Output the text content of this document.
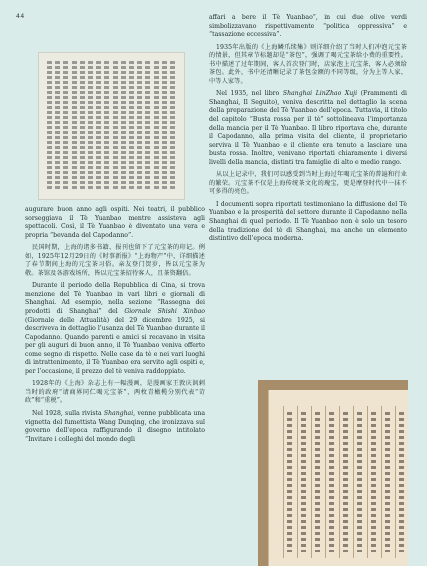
44

augurare buon anno agli ospiti. Nei teatri, il pubblico sorseggiava il Tè Yuanbao mentre assisteva agli spettacoli. Così, il Tè Yuanbao è diventato una vera e propria “bevanda del Capodanno”.

民国时期，上海的诸多书籍、报刊也留下了元宝茶的印记。例如，1925年12月29日的《时事新报》“上海物产”中，详细描述了春节期间上海的元宝茶习俗。亲友登门贺岁，皆以元宝茶为敬。茶馆及各游戏场所，皆以元宝茶招待客人，且茶资翻倍。

Durante il periodo della Repubblica di Cina, si trova menzione del Tè Yuanbao in vari libri e giornali di Shanghai. Ad esempio, nella sezione “Rassegna dei prodotti di Shanghai” del Giornale Shishi Xinbao (Giornale delle Attualità) del 29 dicembre 1925, si descriveva in dettaglio l’usanza del Tè Yuanbao durante il Capodanno. Quando parenti e amici si recavano in visita per gli auguri di buon anno, il Tè Yuanbao veniva offerto come segno di rispetto. Nelle case da tè e nei vari luoghi di intrattenimento, il Tè Yuanbao era servito agli ospiti e, per l’occasione, il prezzo del tè veniva raddoppiato.

1928年的《上海》杂志上有一幅漫画，是漫画家王敦庆讽刺当时的政府“请商界同仁喝元宝茶”，两枚青橄榄分别代表“苛政”和“重税”。

Nel 1928, sulla rivista Shanghai, venne pubblicata una vignetta del fumettista Wang Dunqing, che ironizzava sul governo dell’epoca raffigurando il disegno intitolato “Invitare i colleghi del mondo degli

affari a bere il Tè Yuanbao”, in cui due olive verdi simbolizzavano rispettivamente “politica oppressiva” e “tassazione eccessiva”.

1935年出版的《上海鳞爪续集》则详细介绍了当时人们冲泡元宝茶的情景，但其章节标题却是“茶包”，强调了喝元宝茶给小费的重要性。书中描述了过年期间，客人首次登门时，店家泡上元宝茶，客人必须给茶包。此外，书中还清晰记录了茶包金额的不同等级，分为上等人家、中等人家等。

Nel 1935, nel libro Shanghai LinZhao Xuji (Frammenti di Shanghai, Il Seguito), veniva descritta nel dettaglio la scena della preparazione del Tè Yuanbao dell’epoca. Tuttavia, il titolo del capitolo “Busta rossa per il tè” sottolineava l’importanza della mancia per il Tè Yuanbao. Il libro riportava che, durante il Capodanno, alla prima visita del cliente, il proprietario serviva il Tè Yuanbao e il cliente era tenuto a lasciare una busta rossa. Inoltre, venivano riportati chiaramente i diversi livelli della mancia, distinti tra famiglie di alto e medio rango.

从以上记录中，我们可以感受到当时上海过年喝元宝茶的普遍和行业的繁荣。元宝茶不仅是上海传统茶文化的瑰宝，更是摩登时代中一抹不可多得的亮色。

I documenti sopra riportati testimoniano la diffusione del Tè Yuanbao e la prosperità del settore durante il Capodanno nella Shanghai di quel periodo. Il Tè Yuanbao non è solo un tesoro della tradizione del tè di Shanghai, ma anche un elemento distintivo dell’epoca moderna.
